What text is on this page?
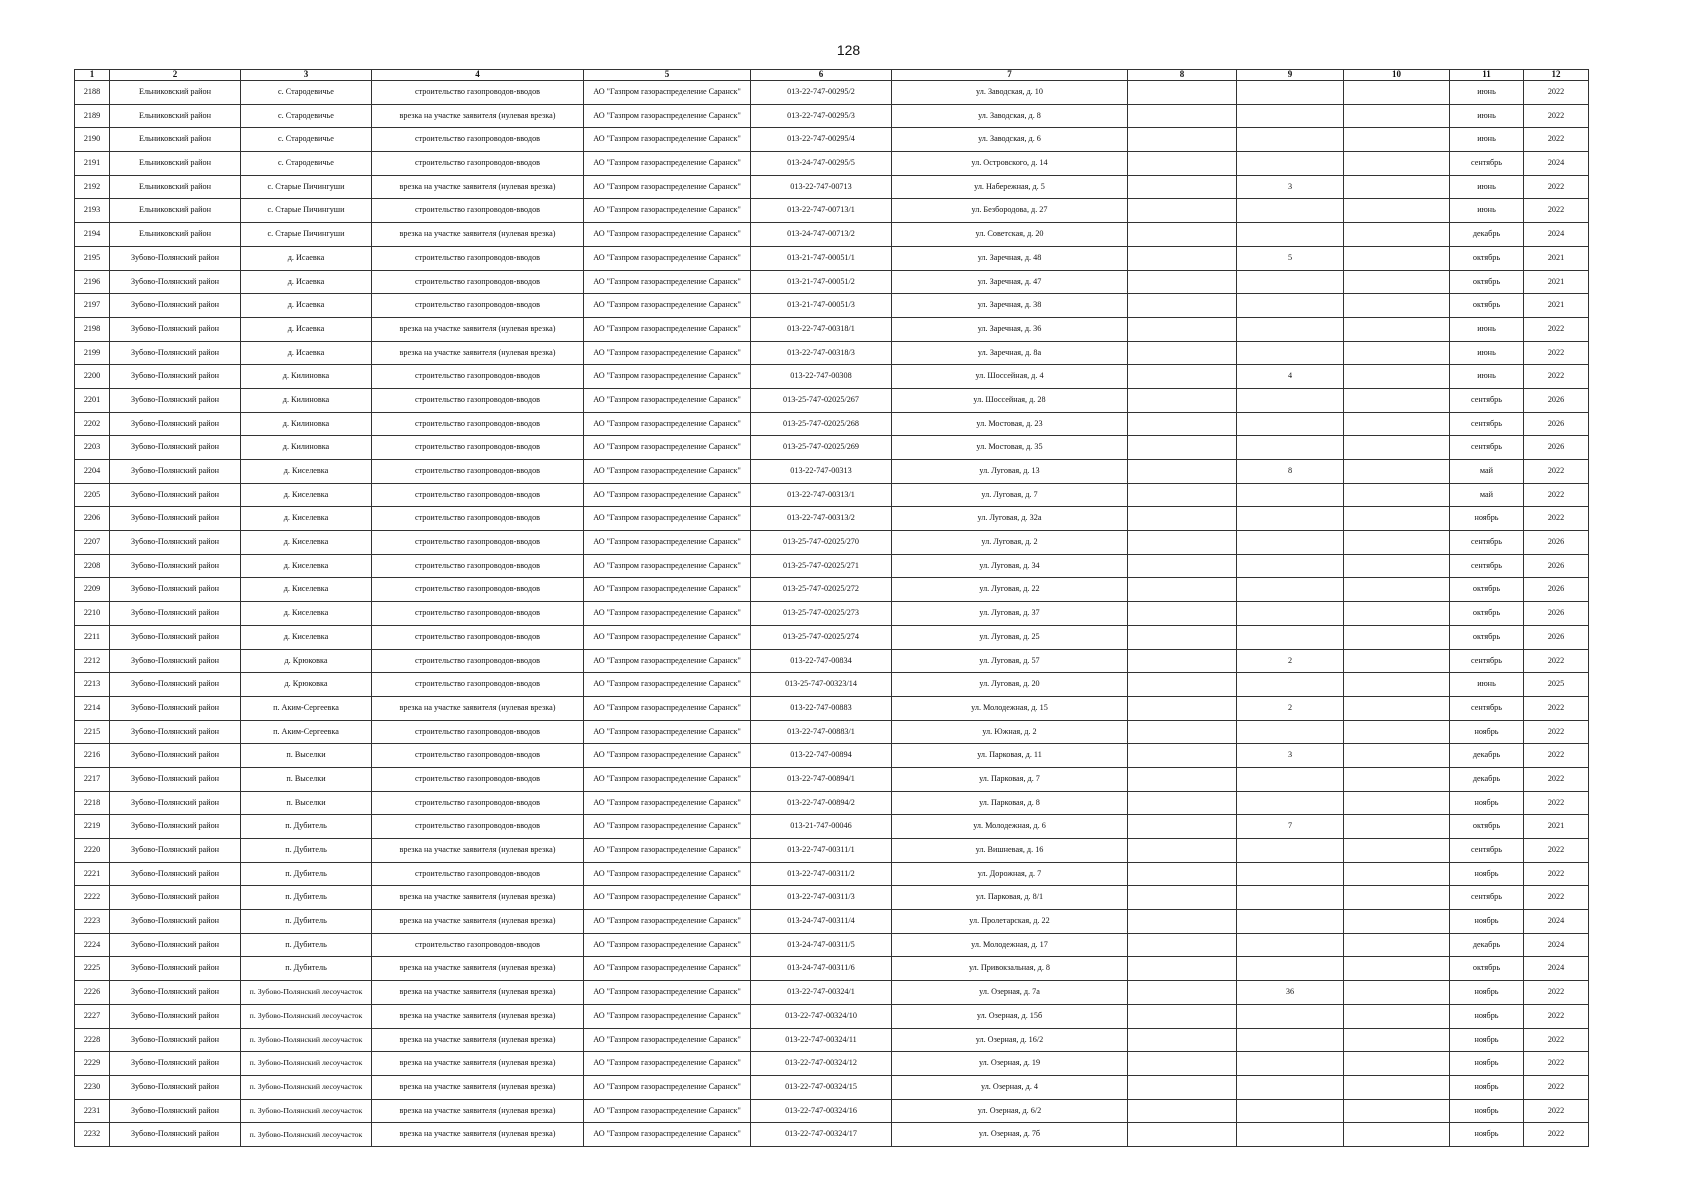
128
1	2	3	4	5	6	7	8	9	10	11	12
2188	Ельниковский район	с. Стародевичье	строительство газопроводов-вводов	АО "Газпром газораспределение Саранск"	013-22-747-00295/2	ул. Заводская, д. 10				июнь	2022
2189	Ельниковский район	с. Стародевичье	врезка на участке заявителя (нулевая врезка)	АО "Газпром газораспределение Саранск"	013-22-747-00295/3	ул. Заводская, д. 8				июнь	2022
2190	Ельниковский район	с. Стародевичье	строительство газопроводов-вводов	АО "Газпром газораспределение Саранск"	013-22-747-00295/4	ул. Заводская, д. 6				июнь	2022
2191	Ельниковский район	с. Стародевичье	строительство газопроводов-вводов	АО "Газпром газораспределение Саранск"	013-24-747-00295/5	ул. Островского, д. 14				сентябрь	2024
2192	Ельниковский район	с. Старые Пичингуши	врезка на участке заявителя (нулевая врезка)	АО "Газпром газораспределение Саранск"	013-22-747-00713	ул. Набережная, д. 5		3		июнь	2022
2193	Ельниковский район	с. Старые Пичингуши	строительство газопроводов-вводов	АО "Газпром газораспределение Саранск"	013-22-747-00713/1	ул. Безбородова, д. 27				июнь	2022
2194	Ельниковский район	с. Старые Пичингуши	врезка на участке заявителя (нулевая врезка)	АО "Газпром газораспределение Саранск"	013-24-747-00713/2	ул. Советская, д. 20				декабрь	2024
2195	Зубово-Полянский район	д. Исаевка	строительство газопроводов-вводов	АО "Газпром газораспределение Саранск"	013-21-747-00051/1	ул. Заречная, д. 48		5		октябрь	2021
2196	Зубово-Полянский район	д. Исаевка	строительство газопроводов-вводов	АО "Газпром газораспределение Саранск"	013-21-747-00051/2	ул. Заречная, д. 47				октябрь	2021
2197	Зубово-Полянский район	д. Исаевка	строительство газопроводов-вводов	АО "Газпром газораспределение Саранск"	013-21-747-00051/3	ул. Заречная, д. 38				октябрь	2021
2198	Зубово-Полянский район	д. Исаевка	врезка на участке заявителя (нулевая врезка)	АО "Газпром газораспределение Саранск"	013-22-747-00318/1	ул. Заречная, д. 36				июнь	2022
2199	Зубово-Полянский район	д. Исаевка	врезка на участке заявителя (нулевая врезка)	АО "Газпром газораспределение Саранск"	013-22-747-00318/3	ул. Заречная, д. 8а				июнь	2022
2200	Зубово-Полянский район	д. Килиновка	строительство газопроводов-вводов	АО "Газпром газораспределение Саранск"	013-22-747-00308	ул. Шоссейная, д. 4		4		июнь	2022
2201	Зубово-Полянский район	д. Килиновка	строительство газопроводов-вводов	АО "Газпром газораспределение Саранск"	013-25-747-02025/267	ул. Шоссейная, д. 28				сентябрь	2026
2202	Зубово-Полянский район	д. Килиновка	строительство газопроводов-вводов	АО "Газпром газораспределение Саранск"	013-25-747-02025/268	ул. Мостовая, д. 23				сентябрь	2026
2203	Зубово-Полянский район	д. Килиновка	строительство газопроводов-вводов	АО "Газпром газораспределение Саранск"	013-25-747-02025/269	ул. Мостовая, д. 35				сентябрь	2026
2204	Зубово-Полянский район	д. Киселевка	строительство газопроводов-вводов	АО "Газпром газораспределение Саранск"	013-22-747-00313	ул. Луговая, д. 13		8		май	2022
2205	Зубово-Полянский район	д. Киселевка	строительство газопроводов-вводов	АО "Газпром газораспределение Саранск"	013-22-747-00313/1	ул. Луговая, д. 7				май	2022
2206	Зубово-Полянский район	д. Киселевка	строительство газопроводов-вводов	АО "Газпром газораспределение Саранск"	013-22-747-00313/2	ул. Луговая, д. 32а				ноябрь	2022
2207	Зубово-Полянский район	д. Киселевка	строительство газопроводов-вводов	АО "Газпром газораспределение Саранск"	013-25-747-02025/270	ул. Луговая, д. 2				сентябрь	2026
2208	Зубово-Полянский район	д. Киселевка	строительство газопроводов-вводов	АО "Газпром газораспределение Саранск"	013-25-747-02025/271	ул. Луговая, д. 34				сентябрь	2026
2209	Зубово-Полянский район	д. Киселевка	строительство газопроводов-вводов	АО "Газпром газораспределение Саранск"	013-25-747-02025/272	ул. Луговая, д. 22				октябрь	2026
2210	Зубово-Полянский район	д. Киселевка	строительство газопроводов-вводов	АО "Газпром газораспределение Саранск"	013-25-747-02025/273	ул. Луговая, д. 37				октябрь	2026
2211	Зубово-Полянский район	д. Киселевка	строительство газопроводов-вводов	АО "Газпром газораспределение Саранск"	013-25-747-02025/274	ул. Луговая, д. 25				октябрь	2026
2212	Зубово-Полянский район	д. Крюковка	строительство газопроводов-вводов	АО "Газпром газораспределение Саранск"	013-22-747-00834	ул. Луговая, д. 57		2		сентябрь	2022
2213	Зубово-Полянский район	д. Крюковка	строительство газопроводов-вводов	АО "Газпром газораспределение Саранск"	013-25-747-00323/14	ул. Луговая, д. 20				июнь	2025
2214	Зубово-Полянский район	п. Аким-Сергеевка	врезка на участке заявителя (нулевая врезка)	АО "Газпром газораспределение Саранск"	013-22-747-00883	ул. Молодежная, д. 15		2		сентябрь	2022
2215	Зубово-Полянский район	п. Аким-Сергеевка	строительство газопроводов-вводов	АО "Газпром газораспределение Саранск"	013-22-747-00883/1	ул. Южная, д. 2				ноябрь	2022
2216	Зубово-Полянский район	п. Выселки	строительство газопроводов-вводов	АО "Газпром газораспределение Саранск"	013-22-747-00894	ул. Парковая, д. 11		3		декабрь	2022
2217	Зубово-Полянский район	п. Выселки	строительство газопроводов-вводов	АО "Газпром газораспределение Саранск"	013-22-747-00894/1	ул. Парковая, д. 7				декабрь	2022
2218	Зубово-Полянский район	п. Выселки	строительство газопроводов-вводов	АО "Газпром газораспределение Саранск"	013-22-747-00894/2	ул. Парковая, д. 8				ноябрь	2022
2219	Зубово-Полянский район	п. Дубитель	строительство газопроводов-вводов	АО "Газпром газораспределение Саранск"	013-21-747-00046	ул. Молодежная, д. 6		7		октябрь	2021
2220	Зубово-Полянский район	п. Дубитель	врезка на участке заявителя (нулевая врезка)	АО "Газпром газораспределение Саранск"	013-22-747-00311/1	ул. Вишневая, д. 16				сентябрь	2022
2221	Зубово-Полянский район	п. Дубитель	строительство газопроводов-вводов	АО "Газпром газораспределение Саранск"	013-22-747-00311/2	ул. Дорожная, д. 7				ноябрь	2022
2222	Зубово-Полянский район	п. Дубитель	врезка на участке заявителя (нулевая врезка)	АО "Газпром газораспределение Саранск"	013-22-747-00311/3	ул. Парковая, д. 8/1				сентябрь	2022
2223	Зубово-Полянский район	п. Дубитель	врезка на участке заявителя (нулевая врезка)	АО "Газпром газораспределение Саранск"	013-24-747-00311/4	ул. Пролетарская, д. 22				ноябрь	2024
2224	Зубово-Полянский район	п. Дубитель	строительство газопроводов-вводов	АО "Газпром газораспределение Саранск"	013-24-747-00311/5	ул. Молодежная, д. 17				декабрь	2024
2225	Зубово-Полянский район	п. Дубитель	врезка на участке заявителя (нулевая врезка)	АО "Газпром газораспределение Саранск"	013-24-747-00311/6	ул. Привокзальная, д. 8				октябрь	2024
2226	Зубово-Полянский район	п. Зубово-Полянский лесоучасток	врезка на участке заявителя (нулевая врезка)	АО "Газпром газораспределение Саранск"	013-22-747-00324/1	ул. Озерная, д. 7а		36		ноябрь	2022
2227	Зубово-Полянский район	п. Зубово-Полянский лесоучасток	врезка на участке заявителя (нулевая врезка)	АО "Газпром газораспределение Саранск"	013-22-747-00324/10	ул. Озерная, д. 15б				ноябрь	2022
2228	Зубово-Полянский район	п. Зубово-Полянский лесоучасток	врезка на участке заявителя (нулевая врезка)	АО "Газпром газораспределение Саранск"	013-22-747-00324/11	ул. Озерная, д. 16/2				ноябрь	2022
2229	Зубово-Полянский район	п. Зубово-Полянский лесоучасток	врезка на участке заявителя (нулевая врезка)	АО "Газпром газораспределение Саранск"	013-22-747-00324/12	ул. Озерная, д. 19				ноябрь	2022
2230	Зубово-Полянский район	п. Зубово-Полянский лесоучасток	врезка на участке заявителя (нулевая врезка)	АО "Газпром газораспределение Саранск"	013-22-747-00324/15	ул. Озерная, д. 4				ноябрь	2022
2231	Зубово-Полянский район	п. Зубово-Полянский лесоучасток	врезка на участке заявителя (нулевая врезка)	АО "Газпром газораспределение Саранск"	013-22-747-00324/16	ул. Озерная, д. 6/2				ноябрь	2022
2232	Зубово-Полянский район	п. Зубово-Полянский лесоучасток	врезка на участке заявителя (нулевая врезка)	АО "Газпром газораспределение Саранск"	013-22-747-00324/17	ул. Озерная, д. 7б				ноябрь	2022
